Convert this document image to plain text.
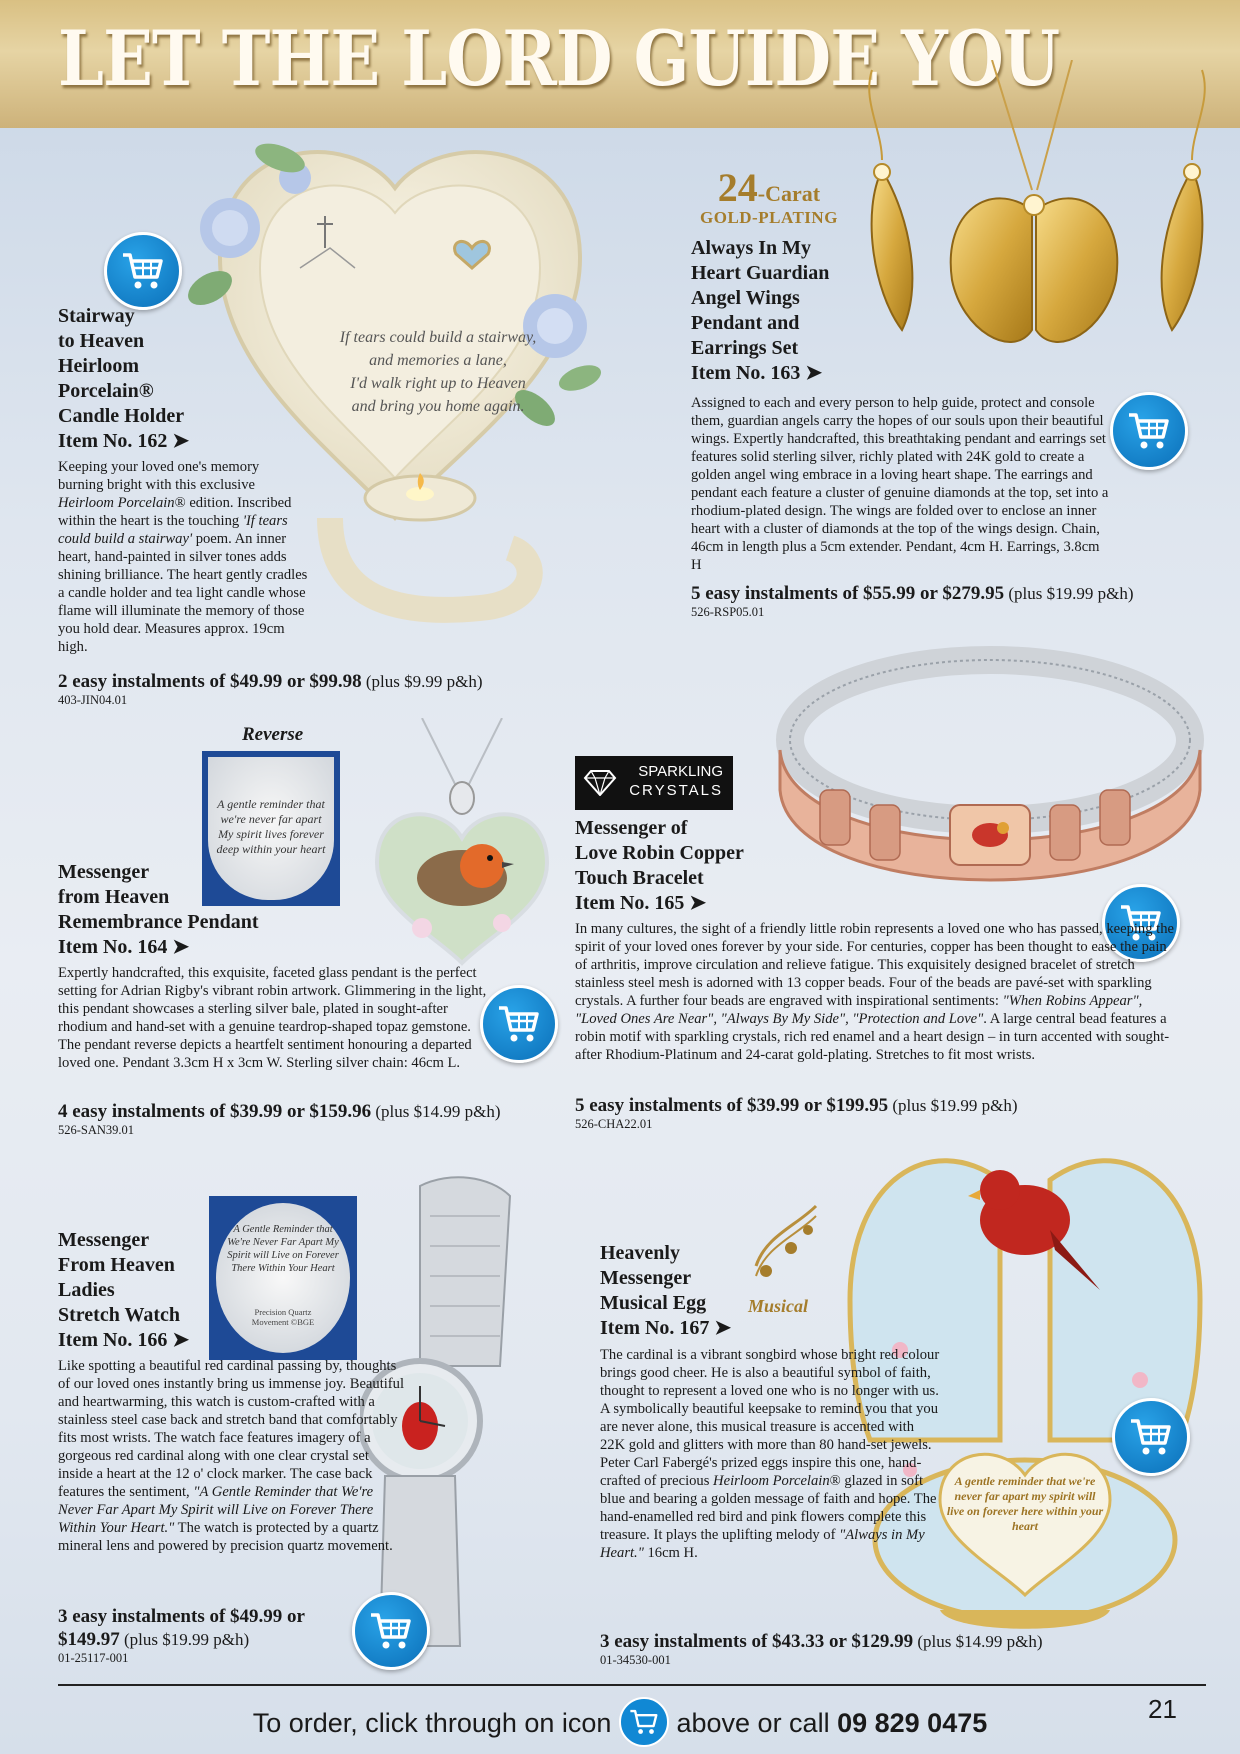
LET THE LORD GUIDE YOU
If tears could build a stairway,
and memories a lane,
I'd walk right up to Heaven
and bring you home again.
Stairway
to Heaven
Heirloom
Porcelain®
Candle Holder
Item No. 162 ➤
Keeping your loved one's memory burning bright with this exclusive Heirloom Porcelain® edition. Inscribed within the heart is the touching 'If tears could build a stairway' poem. An inner heart, hand-painted in silver tones adds shining brilliance. The heart gently cradles a candle holder and tea light candle whose flame will illuminate the memory of those you hold dear. Measures approx. 19cm high.
2 easy instalments of $49.99 or $99.98 (plus $9.99 p&h)
403-JIN04.01
24-Carat
GOLD-PLATING
Always In My
Heart Guardian
Angel Wings
Pendant and
Earrings Set
Item No. 163 ➤
Assigned to each and every person to help guide, protect and console them, guardian angels carry the hopes of our souls upon their beautiful wings. Expertly handcrafted, this breathtaking pendant and earrings set features solid sterling silver, richly plated with 24K gold to create a golden angel wing embrace in a loving heart shape. The earrings and pendant each feature a cluster of genuine diamonds at the top, set into a rhodium-plated design. The wings are folded over to enclose an inner heart with a cluster of diamonds at the top of the wings design. Chain, 46cm in length plus a 5cm extender. Pendant, 4cm H. Earrings, 3.8cm H
5 easy instalments of $55.99 or $279.95 (plus $19.99 p&h)
526-RSP05.01
Reverse
A gentle reminder that we're never far apart My spirit lives forever deep within your heart
Messenger
from Heaven
Remembrance Pendant
Item No. 164 ➤
Expertly handcrafted, this exquisite, faceted glass pendant is the perfect setting for Adrian Rigby's vibrant robin artwork. Glimmering in the light, this pendant showcases a sterling silver bale, plated in sought-after rhodium and hand-set with a genuine teardrop-shaped topaz gemstone. The pendant reverse depicts a heartfelt sentiment honouring a departed loved one. Pendant 3.3cm H x 3cm W. Sterling silver chain: 46cm L.
4 easy instalments of $39.99 or $159.96 (plus $14.99 p&h)
526-SAN39.01
SPARKLING
CRYSTALS
Messenger of
Love Robin Copper
Touch Bracelet
Item No. 165 ➤
In many cultures, the sight of a friendly little robin represents a loved one who has passed, keeping the spirit of your loved ones forever by your side. For centuries, copper has been thought to ease the pain of arthritis, improve circulation and relieve fatigue. This exquisitely designed bracelet of stretch stainless steel mesh is adorned with 13 copper beads. Four of the beads are pavé-set with sparkling crystals. A further four beads are engraved with inspirational sentiments: "When Robins Appear", "Loved Ones Are Near", "Always By My Side", "Protection and Love". A large central bead features a robin motif with sparkling crystals, rich red enamel and a heart design – in turn accented with sought-after Rhodium-Platinum and 24-carat gold-plating. Stretches to fit most wrists.
5 easy instalments of $39.99 or $199.95 (plus $19.99 p&h)
526-CHA22.01
A Gentle Reminder that We're Never Far Apart My Spirit will Live on Forever There Within Your Heart
Precision Quartz Movement ©BGE
Messenger
From Heaven
Ladies
Stretch Watch
Item No. 166 ➤
Like spotting a beautiful red cardinal passing by, thoughts of our loved ones instantly bring us immense joy. Beautiful and heartwarming, this watch is custom-crafted with a stainless steel case back and stretch band that comfortably fits most wrists. The watch face features imagery of a gorgeous red cardinal along with one clear crystal set inside a heart at the 12 o' clock marker. The case back features the sentiment, "A Gentle Reminder that We're Never Far Apart My Spirit will Live on Forever There Within Your Heart." The watch is protected by a quartz mineral lens and powered by precision quartz movement.
3 easy instalments of $49.99 or $149.97 (plus $19.99 p&h)
01-25117-001
Musical
A gentle reminder that we're never far apart my spirit will live on forever here within your heart
Heavenly
Messenger
Musical Egg
Item No. 167 ➤
The cardinal is a vibrant songbird whose bright red colour brings good cheer. He is also a beautiful symbol of faith, thought to represent a loved one who is no longer with us. A symbolically beautiful keepsake to remind you that you are never alone, this musical treasure is accented with 22K gold and glitters with more than 80 hand-set jewels. Peter Carl Fabergé's prized eggs inspire this one, hand-crafted of precious Heirloom Porcelain® glazed in soft blue and bearing a golden message of faith and hope. The hand-enamelled red bird and pink flowers complete this treasure. It plays the uplifting melody of "Always in My Heart." 16cm H.
3 easy instalments of $43.33 or $129.99 (plus $14.99 p&h)
01-34530-001
To order, click through on icon above or call 09 829 0475	21
